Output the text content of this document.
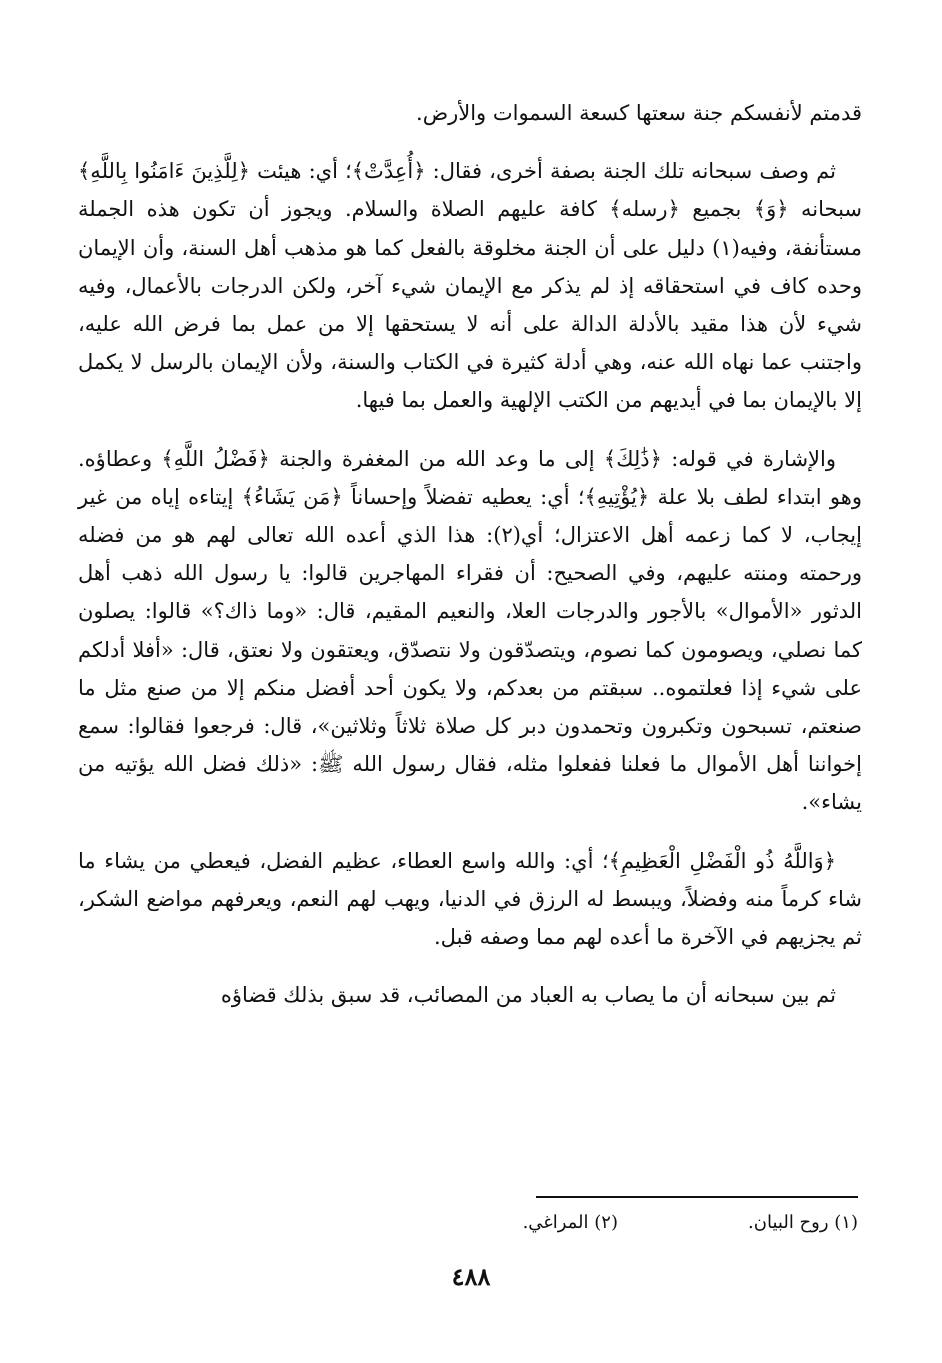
قدمتم لأنفسكم جنة سعتها كسعة السموات والأرض.

ثم وصف سبحانه تلك الجنة بصفة أخرى، فقال: ﴿أُعِدَّتْ﴾؛ أي: هيئت ﴿لِلَّذِينَ ءَامَنُوا بِاللَّهِ﴾ سبحانه ﴿وَ﴾ بجميع ﴿رسله﴾ كافة عليهم الصلاة والسلام. ويجوز أن تكون هذه الجملة مستأنفة، وفيه(١) دليل على أن الجنة مخلوقة بالفعل كما هو مذهب أهل السنة، وأن الإيمان وحده كاف في استحقاقه إذ لم يذكر مع الإيمان شيء آخر، ولكن الدرجات بالأعمال، وفيه شيء لأن هذا مقيد بالأدلة الدالة على أنه لا يستحقها إلا من عمل بما فرض الله عليه، واجتنب عما نهاه الله عنه، وهي أدلة كثيرة في الكتاب والسنة، ولأن الإيمان بالرسل لا يكمل إلا بالإيمان بما في أيديهم من الكتب الإلهية والعمل بما فيها.

والإشارة في قوله: ﴿ذَٰلِكَ﴾ إلى ما وعد الله من المغفرة والجنة ﴿فَضْلُ اللَّهِ﴾ وعطاؤه. وهو ابتداء لطف بلا علة ﴿يُؤْتِيهِ﴾؛ أي: يعطيه تفضلاً وإحساناً ﴿مَن يَشَاءُ﴾ إيتاءه إياه من غير إيجاب، لا كما زعمه أهل الاعتزال؛ أي(٢): هذا الذي أعده الله تعالى لهم هو من فضله ورحمته ومنته عليهم، وفي الصحيح: أن فقراء المهاجرين قالوا: يا رسول الله ذهب أهل الدثور «الأموال» بالأجور والدرجات العلا، والنعيم المقيم، قال: «وما ذاك؟» قالوا: يصلون كما نصلي، ويصومون كما نصوم، ويتصدّقون ولا نتصدّق، ويعتقون ولا نعتق، قال: «أفلا أدلكم على شيء إذا فعلتموه.. سبقتم من بعدكم، ولا يكون أحد أفضل منكم إلا من صنع مثل ما صنعتم، تسبحون وتكبرون وتحمدون دبر كل صلاة ثلاثاً وثلاثين»، قال: فرجعوا فقالوا: سمع إخواننا أهل الأموال ما فعلنا ففعلوا مثله، فقال رسول الله ﷺ: «ذلك فضل الله يؤتيه من يشاء».

﴿وَاللَّهُ ذُو الْفَضْلِ الْعَظِيمِ﴾؛ أي: والله واسع العطاء، عظيم الفضل، فيعطي من يشاء ما شاء كرماً منه وفضلاً، ويبسط له الرزق في الدنيا، ويهب لهم النعم، ويعرفهم مواضع الشكر، ثم يجزيهم في الآخرة ما أعده لهم مما وصفه قبل.

ثم بين سبحانه أن ما يصاب به العباد من المصائب، قد سبق بذلك قضاؤه

(١) روح البيان.
(٢) المراغي.
٤٨٨
